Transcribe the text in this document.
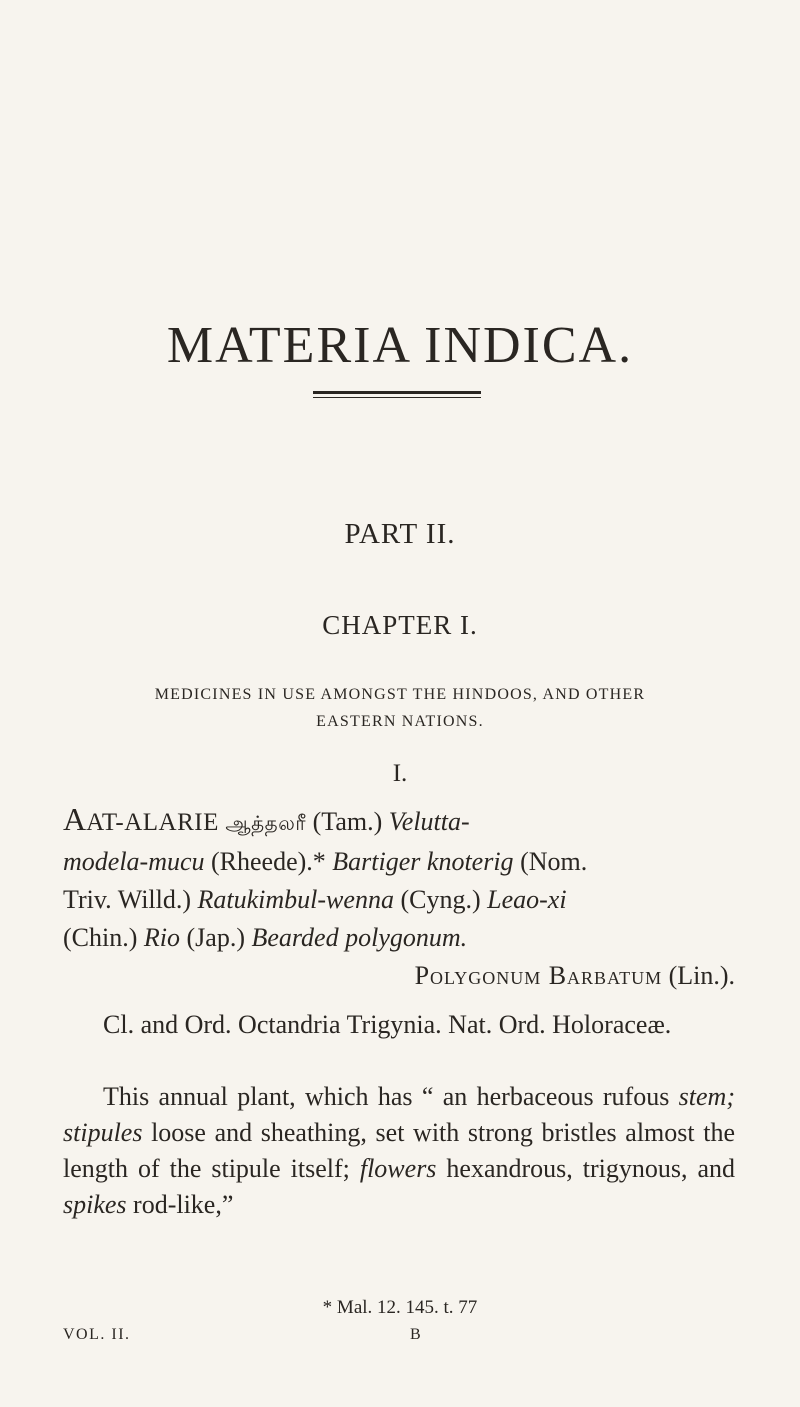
MATERIA INDICA.
PART II.
CHAPTER I.
MEDICINES IN USE AMONGST THE HINDOOS, AND OTHER
EASTERN NATIONS.
I.
AAT-ALARIE ஆத்தலரீ (Tam.) Velutta-
modela-mucu (Rheede).* Bartiger knoterig (Nom.
Triv. Willd.) Ratukimbul-wenna (Cyng.) Leao-xi
(Chin.) Rio (Jap.) Bearded polygonum.
Polygonum Barbatum (Lin.).
Cl. and Ord. Octandria Trigynia. Nat. Ord. Holoraceæ.
This annual plant, which has “ an herbaceous rufous stem; stipules loose and sheathing, set with strong bristles almost the length of the stipule itself; flowers hexandrous, trigynous, and spikes rod-like,”
* Mal. 12. 145. t. 77
VOL. II.	B
